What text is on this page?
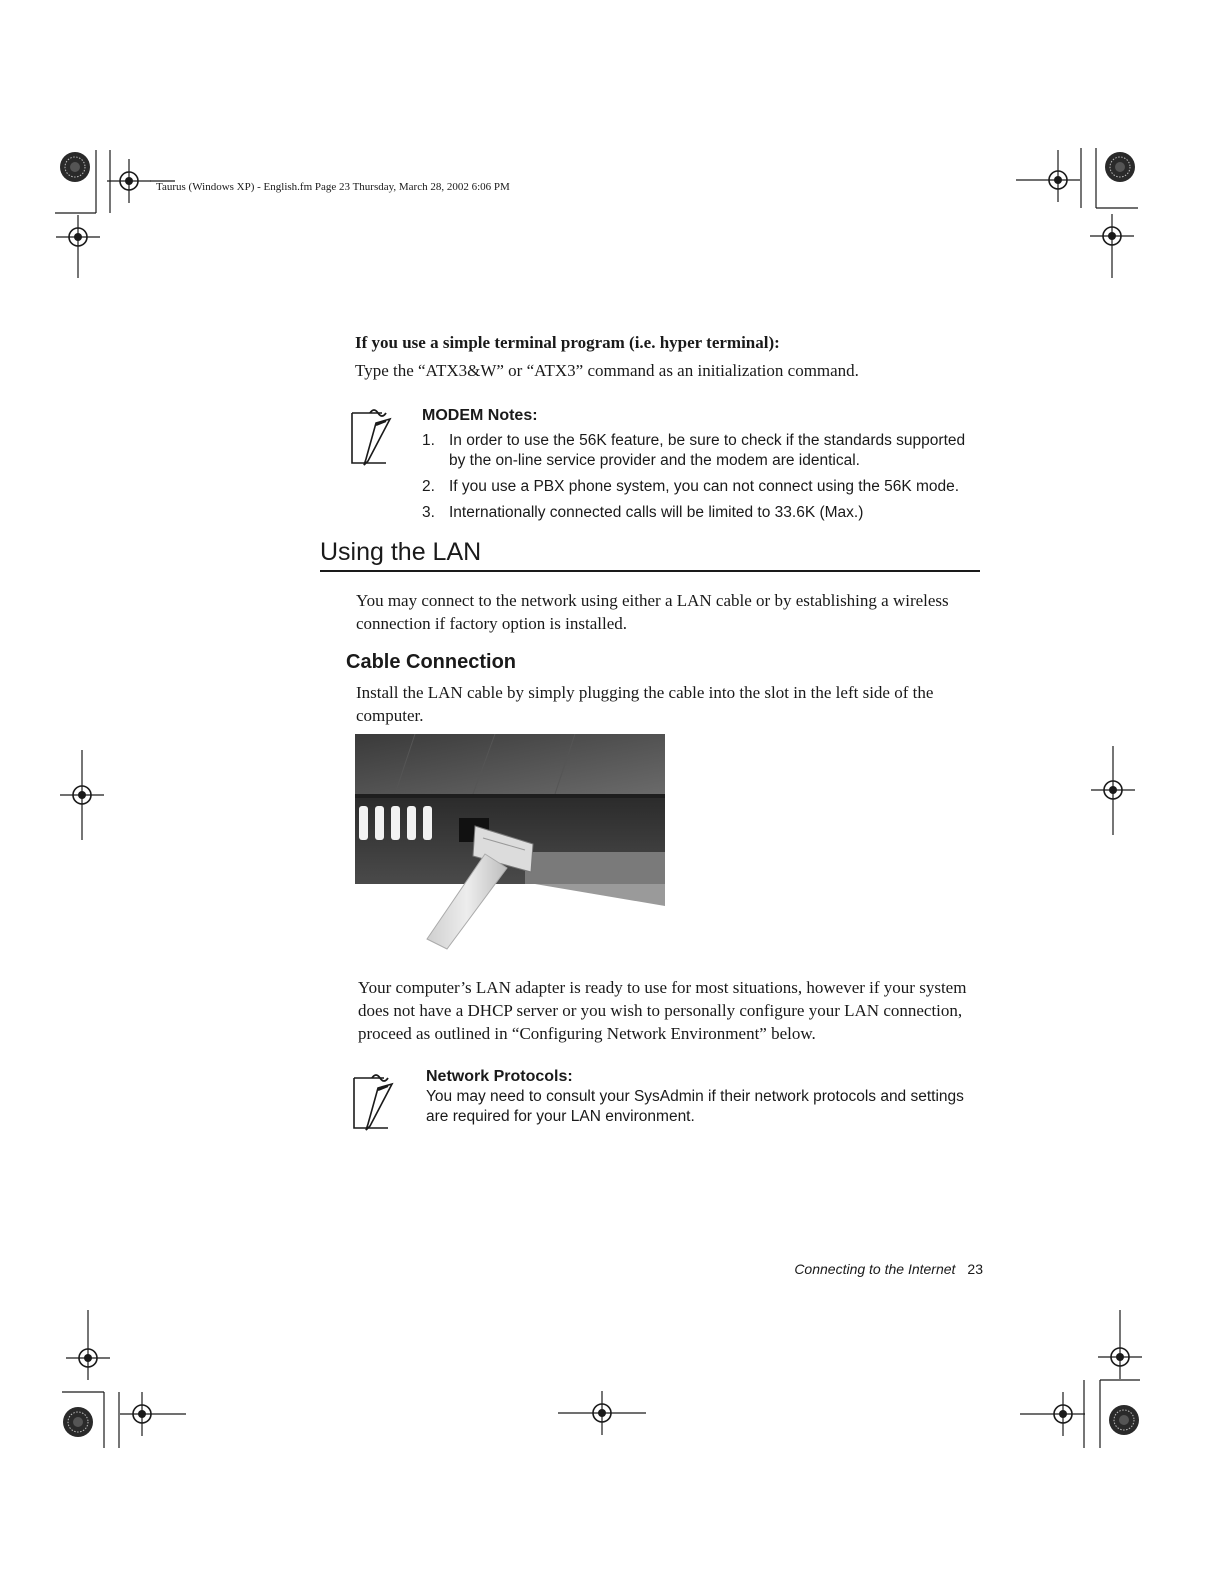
Taurus (Windows XP) - English.fm Page 23 Thursday, March 28, 2002 6:06 PM
If you use a simple terminal program (i.e. hyper terminal):
Type the “ATX3&W” or “ATX3” command as an initialization command.
MODEM Notes:
1. In order to use the 56K feature, be sure to check if the standards supported by the on-line service provider and the modem are identical.
2. If you use a PBX phone system, you can not connect using the 56K mode.
3. Internationally connected calls will be limited to 33.6K (Max.)
Using the LAN
You may connect to the network using either a LAN cable or by establishing a wireless connection if factory option is installed.
Cable Connection
Install the LAN cable by simply plugging the cable into the slot in the left side of the computer.
Your computer’s LAN adapter is ready to use for most situations, however if your system does not have a DHCP server or you wish to personally configure your LAN connection, proceed as outlined in “Configuring Network Environment” below.
Network Protocols:
You may need to consult your SysAdmin if their network protocols and settings are required for your LAN environment.
Connecting to the Internet 23
